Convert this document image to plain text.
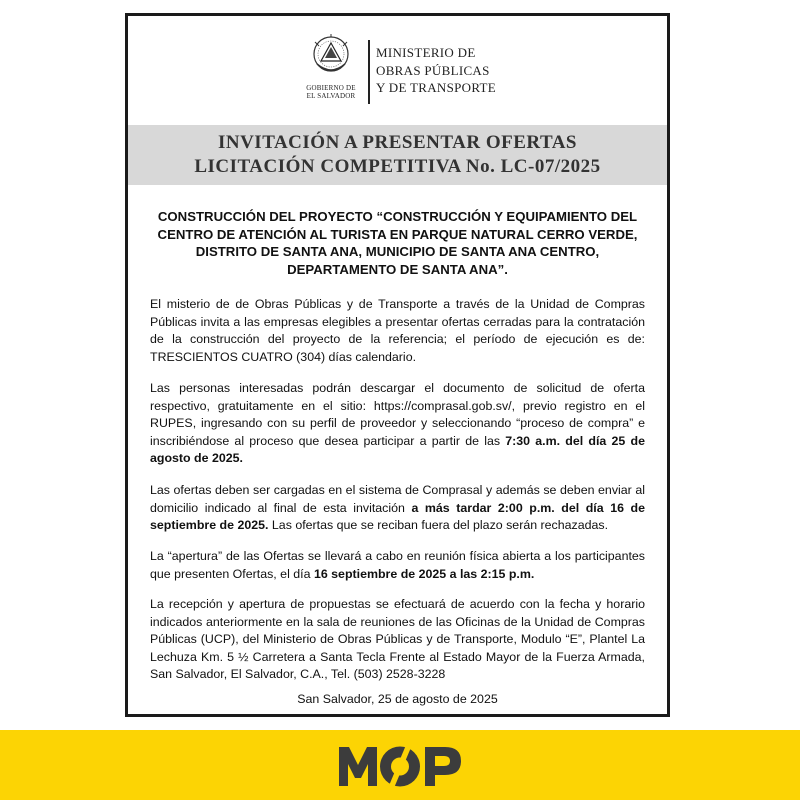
GOBIERNO DE
EL SALVADOR
MINISTERIO DE
OBRAS PÚBLICAS
Y DE TRANSPORTE
INVITACIÓN A PRESENTAR OFERTAS
LICITACIÓN COMPETITIVA No. LC-07/2025
CONSTRUCCIÓN DEL PROYECTO “CONSTRUCCIÓN Y EQUIPAMIENTO DEL CENTRO DE ATENCIÓN AL TURISTA EN PARQUE NATURAL CERRO VERDE, DISTRITO DE SANTA ANA, MUNICIPIO DE SANTA ANA CENTRO, DEPARTAMENTO DE SANTA ANA”.
El misterio de de Obras Públicas y de Transporte a través de la Unidad de Compras Públicas invita a las empresas elegibles a presentar ofertas cerradas para la contratación de la construcción del proyecto de la referencia; el período de ejecución es de: TRESCIENTOS CUATRO (304) días calendario.
Las personas interesadas podrán descargar el documento de solicitud de oferta respectivo, gratuitamente en el sitio: https://comprasal.gob.sv/, previo registro en el RUPES, ingresando con su perfil de proveedor y seleccionando “proceso de compra” e inscribiéndose al proceso que desea participar a partir de las 7:30 a.m. del día 25 de agosto de 2025.
Las ofertas deben ser cargadas en el sistema de Comprasal y además se deben enviar al domicilio indicado al final de esta invitación a más tardar 2:00 p.m. del día 16 de septiembre de 2025. Las ofertas que se reciban fuera del plazo serán rechazadas.
La “apertura” de las Ofertas se llevará a cabo en reunión física abierta a los participantes que presenten Ofertas, el día 16 septiembre de 2025 a las 2:15 p.m.
La recepción y apertura de propuestas se efectuará de acuerdo con la fecha y horario indicados anteriormente en la sala de reuniones de las Oficinas de la Unidad de Compras Públicas (UCP), del Ministerio de Obras Públicas y de Transporte, Modulo “E”, Plantel La Lechuza Km. 5 ½ Carretera a Santa Tecla Frente al Estado Mayor de la Fuerza Armada, San Salvador, El Salvador, C.A., Tel. (503) 2528-3228
San Salvador, 25 de agosto de 2025
